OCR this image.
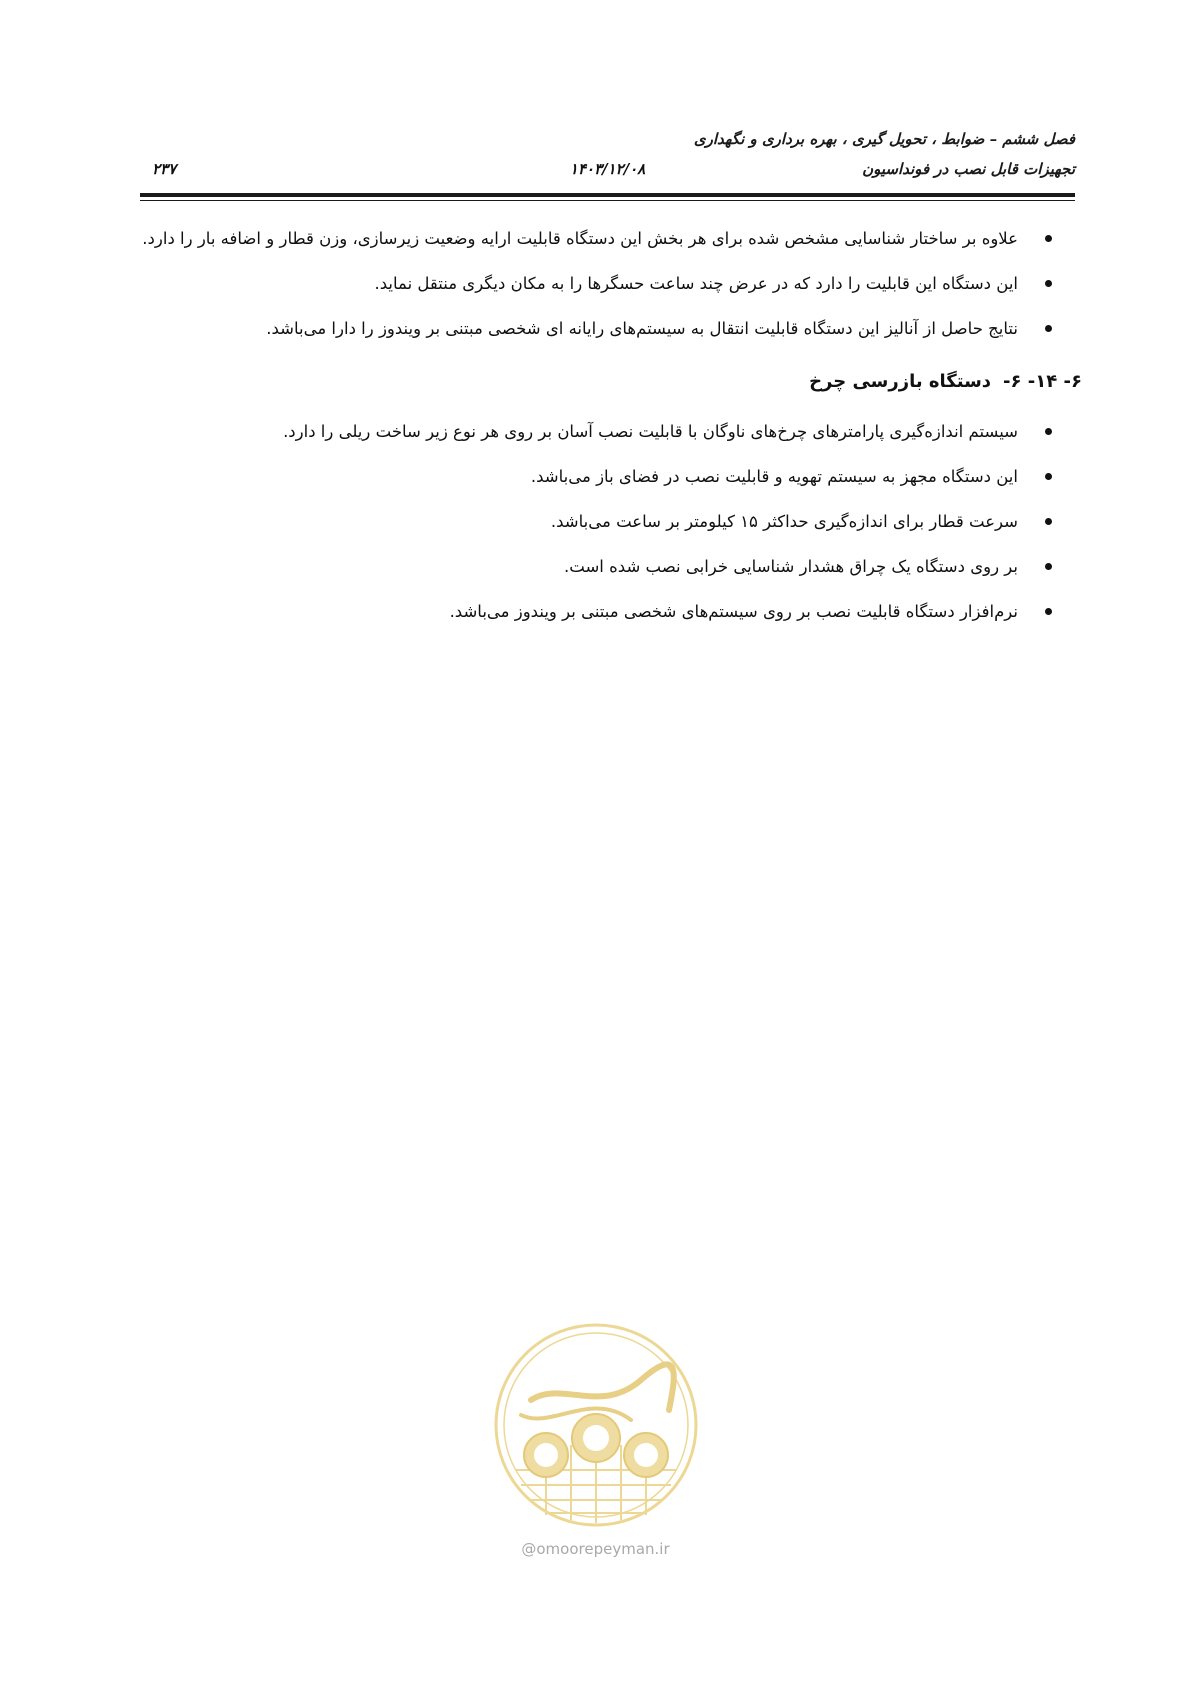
فصل ششم – ضوابط ، تحویل گیری ، بهره برداری و نگهداری
تجهیزات قابل نصب در فونداسیون
۱۴۰۳/۱۲/۰۸
۲۳۷
علاوه بر ساختار شناسایی مشخص شده برای هر بخش این دستگاه قابلیت ارایه وضعیت زیرسازی، وزن قطار و اضافه بار را دارد.
این دستگاه این قابلیت را دارد که در عرض چند ساعت حسگرها را به مکان دیگری منتقل نماید.
نتایج حاصل از آنالیز این دستگاه قابلیت انتقال به سیستم‌های رایانه ای شخصی مبتنی بر ویندوز را دارا می‌باشد.
۶- ۱۴- ۶-دستگاه بازرسی چرخ
سیستم اندازه‌گیری پارامترهای چرخ‌های ناوگان با قابلیت نصب آسان بر روی هر نوع زیر ساخت ریلی را دارد.
این دستگاه مجهز به سیستم تهویه و قابلیت نصب در فضای باز می‌باشد.
سرعت قطار برای اندازه‌گیری حداکثر ۱۵ کیلومتر بر ساعت می‌باشد.
بر روی دستگاه یک چراق هشدار شناسایی خرابی نصب شده است.
نرم‌افزار دستگاه قابلیت نصب بر روی سیستم‌های شخصی مبتنی بر ویندوز می‌باشد.
@omoorepeyman.ir
